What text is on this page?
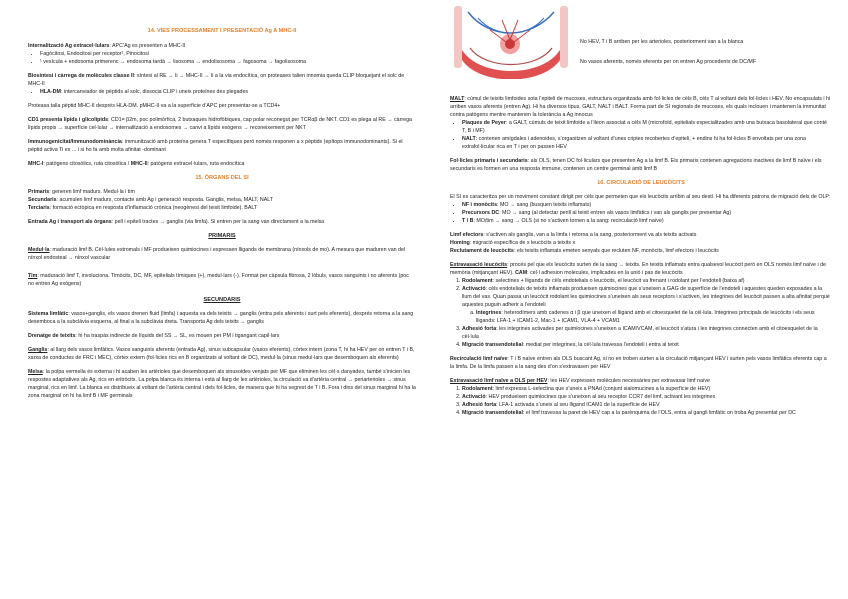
14. VIES PROCESSAMENT I PRESENTACIÓ Ag A MHC-II

Internalització Ag extracel·lulars: APC’Ag es presenten a MHC-II

• Fagòcitosi, Endocitosi per receptor¹, Pinocitosi
• ¹ vesícula + endosoma primerenc → endosoma tardà → lisosoma → endolisosoma → fagosoma → fagolisosoma

Biosíntesi i càrrega de molècules classe II: síntesi al RE → Ii → MHC-II → Ii a la via endocítica, on proteases talien innomia queda CLIP bloquejant el solc de MHC-II

• HLA-DM: intercanviador de pèptids al solc, dissocia CLIP i uneix proteïnes des plegades

Proteasa talla pèptid MHC-II després HLA-DM. pMHC-II va a la superfície d’APC per presentar-se a TCD4+

CD1 presenta lípids i glicolípids: CD1= β2m, poc polimòrfica, 2 butxaques hidrofòbiques, cap polar reconegut per TCRαβ de NKT. CD1 es plega al RE → càrrega lípids propis → superfície cel·lular → internalització a endosomes → canvi a lípids exògens → reconeixement per NKT

Immunogenicitat/Immunodominància: immunització amb proteïna genera T específiques però només responen a x pèptids (epítops immunodominants). Si el pèptid activa Ti es ... i si ho fa amb molta afinitat -dominant

MHC-I: patògens citosòlics, ruta citosòlica / MHC-II: patògens extracel·lulars, ruta endocítica

15. ÒRGANS DEL SI

Primaris: generen limf madurs. Medul·la i tim

Secundaris: acumulen limf madurs, contacte amb Ag i generació resposta. Ganglis, melsa, MALT, NALT

Terciaris: formació ectòpica en resposta d’inflamació crònica (neogènesi del teixit limfoide). BALT

Entrada Ag i transport als òrgans: pell i epiteli tractes → ganglis (via limfa). Si entren per la sang van directament a la melsa

PRIMARIS

Medul·la: maduració limf B. Cèl·lules estromals i MF produeixen quimiocines i expressen lligands de membrana (nínxols de mo). A mesura que maduren van del nínxol endosteal → nínxol vascular

Tim: maduració limf T, involuciona. Timòcits, DC, MF, epitelials tímiques (+), medul·lars (-). Format per càpsula fibrosa, 2 lòbuls, vasos sanguinis i no aferents (poc no entren Ag exògens)

SECUNDARIS

Sistema limfàtic: vasos+ganglis, els vasos drenen fluid (limfa) i aquesta va dels teixits → ganglis (entra pels aferents i surt pels eferents), després retorna a la sang desemboca a la subclàvia esquerra, al final a la subclàvia dreta. Transporta Ag dels teixits → ganglis

Drenatge de teixits: hi ha traspàs indirecte de líquids del SS → SL, es mouen per PM i tigangant capil·lars

Ganglis: al llarg dels vasos limfàtics. Vasos sanguinis aferents (entrada Ag), sinus subcapsular (vasos eferents), còrtex intern (zona T, hi ha HEV per on entren T i B, xarxa de conductes de FRC i MEC), còrtex extern (fol·licles rics en B organitzats al voltant de DC), medul·la (sinus medul·lars que desemboquen als eferents)

Melsa: la polpa vermella és externa i hi acaben les artèrioles que desemboquen als sinusoides venjats per MF que eliminen les cèl·s danyades, també s’inicien les respostes adaptatives als Ag, rics en eritròcits. La polpa blanca és interna i està al llarg de les artèrioles, la circulació va d’artèria central → periarterioles → sinus marginal, rics en limf. La blanca es distribueix al voltant de l’artèria central i dels fol·licles, de manera que hi ha segrest de T i B. Fora i dins del sinus marginal hi ha la zona marginal on hi ha limf B i MF germinals

No HEV, T i B arriben per les arterioles, posteriorment van a la blanca

No vasos aferents, només eferents per on entren Ag procedents de DC/MF

MALT: cúmul de teixits limfoides sota l’epiteli de mucoses, estructura organitzada amb fol·licles de cèls B, cèls T al voltant dels fol·licles i HEV. No encapsulats i hi arriben vasos aferents (entren Ag). Hi ha diversos tipus, GALT, NALT i BALT. Forma part de SI regionals de mucoses, els quals inclouen i mantenen la immunitat contra patògens mentre mantenen la tolerància a Ag innocus

• Plaques de Peyer: a GALT, cúmuls de teixit limfoide a l’ileon associat a cèls M (microfold, epitelials especialitzades amb una butxaca basolateral que conté T, B i MF)
• NALT: contenen amígdales i adenoides, s’organitzen al voltant d’unes criptes recobertes d’epiteli, + endins hi ha fol·licles B envoltats per una zona extrafol·licular rica en T i per on passen HEV

Fol·licles primaris i secundaris: als OLS, tenen DC fol·liculars que presenten Ag a la limf B. Els primaris contenen agregacions inactives de limf B naïve i els secundaris es formen en una resposta immune, contenen un centre germinal amb limf B

16. CIRCULACIÓ DE LEUCÒCITS

El SI es caracteritza per un moviment constant dirigit per cèls que permeten que els leucòcits arribin al seu destí. Hi ha diferents patrons de migració dels de OLP:

• NF i monòcits: MO → sang (busquen teixits inflamats)
• Precursors DC: MO → sang (al detectar perill al teixit entren als vasos limfàtics i van als ganglis per presentar Ag)
• T i B: MO/tim → sang → OLS (si no s’activen tornen a la sang: recirculació limf naïve)

Limf efectors: s’activen als ganglis, van a la limfa i retorna a la sang, posteriorment va als teixits activats

Homing: migració específica de x leucòcits a teixits x

Reclutament de leucòcits: els teixits inflamats emeten senyals que recluten NF, monòcits, limf efectors i leucòcits

Extravasació leucòcits: procés pel que els leucòcits surten de la sang → teixits. En teixits inflamats entra qualsevol leucòcit però en OLS només limf naïve i de memòria (mitjançant HEV). CAM: cel·l adhesion molecules, implicades en la unió i pas de leucòcits

1. Rodolament: selectines + lligands de cèls endotelials o leucòcits, el leucòcit va frenant i rodolant per l’endoteli (baixa af)
2. Activació: cèls endotelials de teixits inflamats produeixen quimiocines que s’uneixen a GAG de superfície de l’endoteli i aquestes queden exposades a la llum del vas. Quan passa un leucòcit rodolant les quimiocines s’uneixen als seus receptors i s’activen, les integrines del leucòcit passen a alta afinitat perquè aquestes puguin adherir a l’endoteli
a. Integrines: heterodímers amb cadenes α i β que uneixen el lligand amb el citoesquelet de la cèl·lula. Integrines principals de leucòcits i els seus lligands: LFA-1 + ICAM1-2, Mac-1 + ICAM1, VLA-4 + VCAM1
3. Adhesió forta: les integrines activades per quimiocines s’uneixen a ICAM/VCAM, el leucòcit s’atura i les integrines connecten amb el citoesquelet de la cèl·lula
4. Migració transendotelial: mediat per integrines, la cèl·lula travessa l’endoteli i entra al teixit

Recirculació limf naïve: T i B naïve entren als OLS buscant Ag, si no en troben surten a la circulació mitjançant HEV i surten pels vasos limfàtics eferents cap a la limfa. De la limfa passen a la sang des d’on s’extravasen per HEV

Extravasació limf naïve a OLS per HEV: les HEV expressen molècules necessàries per extravasar limf naïve

1. Rodolament: limf expressa L-selectina que s’uneix a PNAd (conjunt sialomucines a la superfície de HEV)
2. Activació: HEV produeixen quimiocines que s’uneixen al seu receptor CCR7 del limf, activant les integrines
3. Adhesió forta: LFA-1 activada s’uneix al seu lligand ICAM1 de la superfície de HEV
4. Migració transendotelial: el limf travessa la paret de HEV cap a la parènquima de l’OLS, entra al gangli limfàtic on troba Ag presentat per DC
